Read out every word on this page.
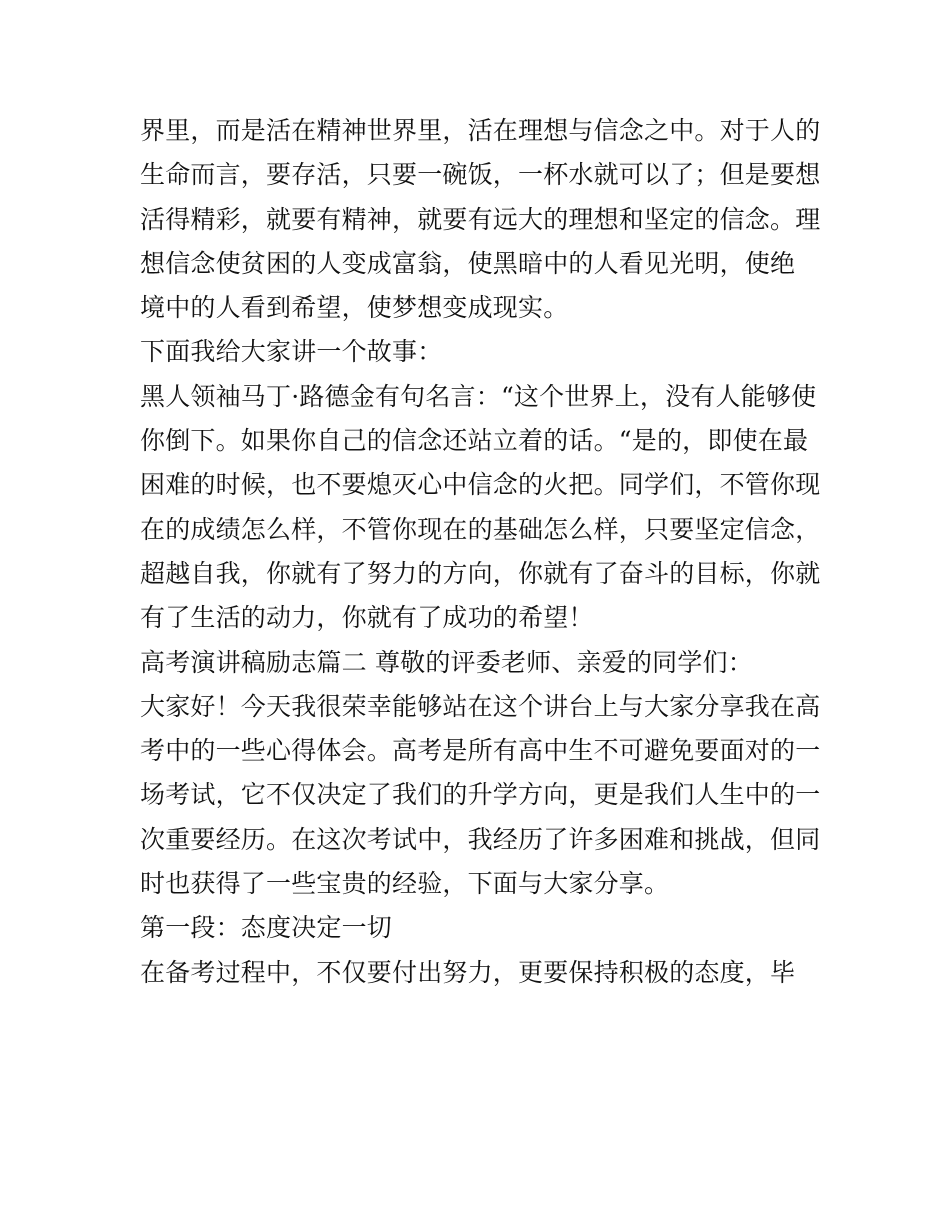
界里，而是活在精神世界里，活在理想与信念之中。对于人的
生命而言，要存活，只要一碗饭，一杯水就可以了；但是要想
活得精彩，就要有精神，就要有远大的理想和坚定的信念。理
想信念使贫困的人变成富翁，使黑暗中的人看见光明，使绝
境中的人看到希望，使梦想变成现实。
下面我给大家讲一个故事：
黑人领袖马丁·路德金有句名言：“这个世界上，没有人能够使
你倒下。如果你自己的信念还站立着的话。“是的，即使在最
困难的时候，也不要熄灭心中信念的火把。同学们，不管你现
在的成绩怎么样，不管你现在的基础怎么样，只要坚定信念，
超越自我，你就有了努力的方向，你就有了奋斗的目标，你就
有了生活的动力，你就有了成功的希望！
高考演讲稿励志篇二 尊敬的评委老师、亲爱的同学们：
大家好！今天我很荣幸能够站在这个讲台上与大家分享我在高
考中的一些心得体会。高考是所有高中生不可避免要面对的一
场考试，它不仅决定了我们的升学方向，更是我们人生中的一
次重要经历。在这次考试中，我经历了许多困难和挑战，但同
时也获得了一些宝贵的经验，下面与大家分享。
第一段：态度决定一切
在备考过程中，不仅要付出努力，更要保持积极的态度，毕
